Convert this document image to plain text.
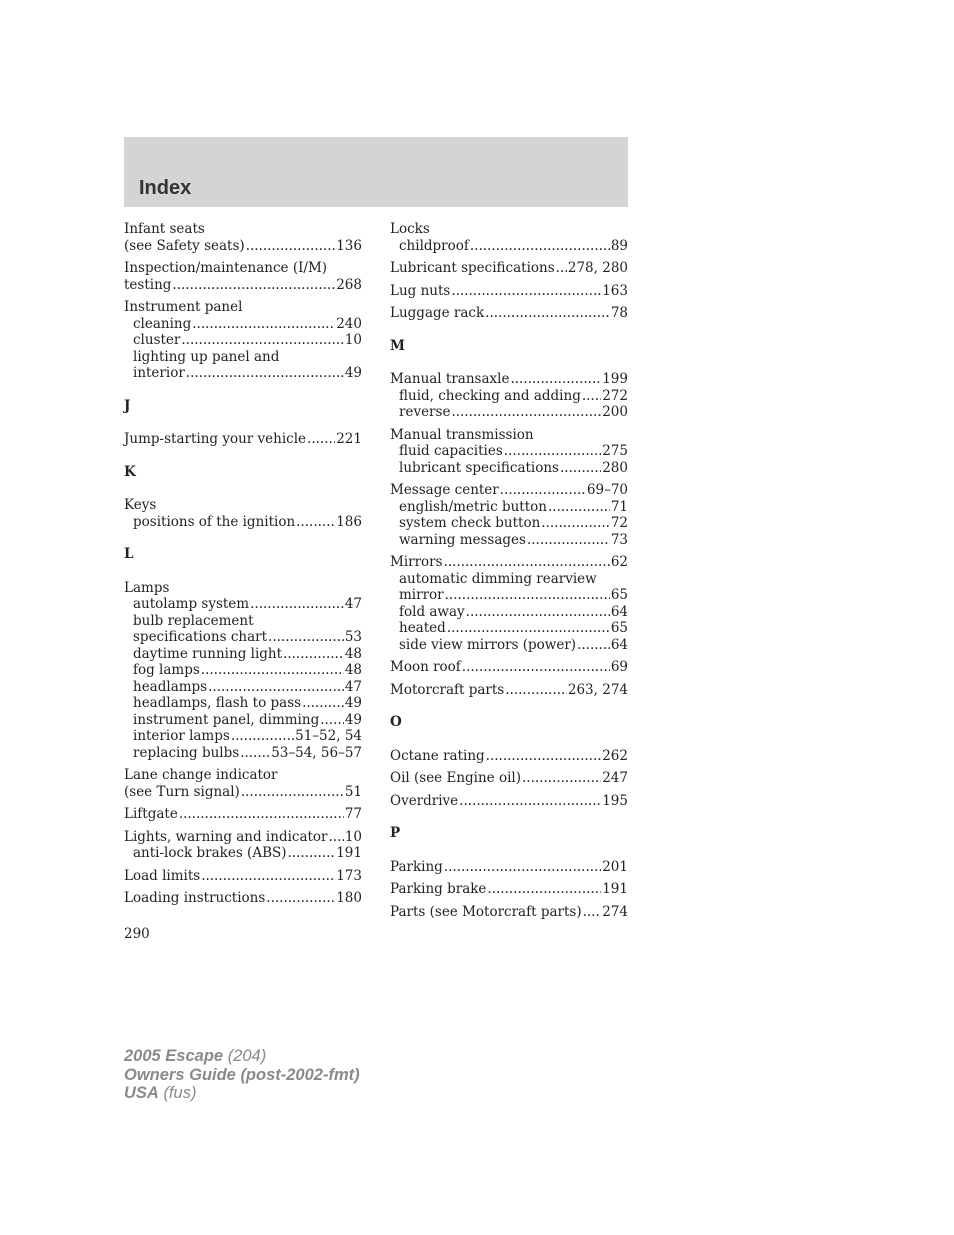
Index
Infant seats
(see Safety seats) .....	136
Inspection/maintenance (I/M)
testing .....	268
Instrument panel
cleaning .....	240
cluster .....	10
lighting up panel and
interior .....	49
J
Jump-starting your vehicle ..... 221
K
Keys
positions of the ignition .....	186
L
Lamps
autolamp system .....	47
bulb replacement
specifications chart .....	53
daytime running light .....	48
fog lamps .....	48
headlamps .....	47
headlamps, flash to pass .....	49
instrument panel, dimming ..... 49
interior lamps .....	51–52, 54
replacing bulbs ..... 53–54, 56–57
Lane change indicator
(see Turn signal) .....	51
Liftgate .....	77
Lights, warning and indicator ..... 10
anti-lock brakes (ABS) .....	191
Load limits .....	173
Loading instructions .....	180
Locks
childproof .....	89
Lubricant specifications ..... 278, 280
Lug nuts .....	163
Luggage rack .....	78
M
Manual transaxle .....	199
fluid, checking and adding ..... 272
reverse .....	200
Manual transmission
fluid capacities .....	275
lubricant specifications .....	280
Message center .....	69–70
english/metric button .....	71
system check button .....	72
warning messages .....	73
Mirrors .....	62
automatic dimming rearview
mirror .....	65
fold away .....	64
heated .....	65
side view mirrors (power) .....	64
Moon roof .....	69
Motorcraft parts .....	263, 274
O
Octane rating .....	262
Oil (see Engine oil) .....	247
Overdrive .....	195
P
Parking .....	201
Parking brake .....	191
Parts (see Motorcraft parts) ..... 274
290
2005 Escape (204)
Owners Guide (post-2002-fmt)
USA (fus)
